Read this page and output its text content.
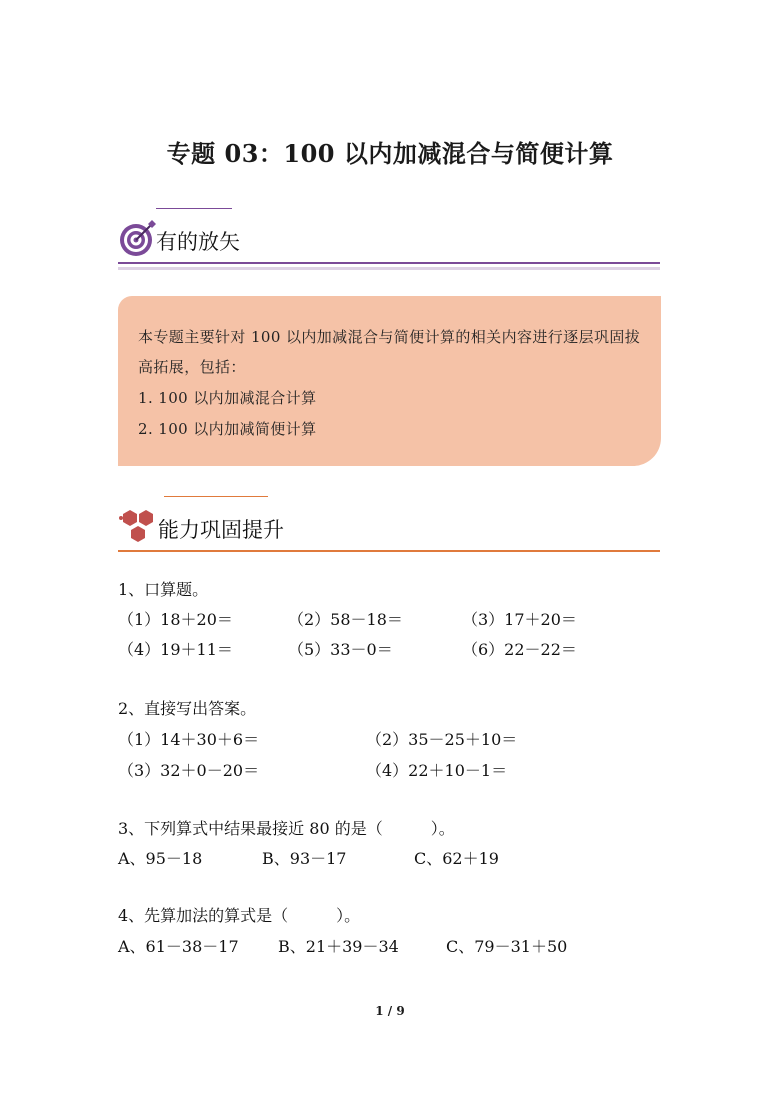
专题 03：100 以内加减混合与简便计算
有的放矢

本专题主要针对 100 以内加减混合与简便计算的相关内容进行逐层巩固拔

高拓展，包括：

1. 100 以内加减混合计算

2. 100 以内加减简便计算

能力巩固提升
1、口算题。
（1）18＋20＝	（2）58－18＝	（3）17＋20＝
（4）19＋11＝	（5）33－0＝	（6）22－22＝
2、直接写出答案。
（1）14＋30＋6＝	（2）35－25＋10＝
（3）32＋0－20＝	（4）22＋10－1＝
3、下列算式中结果最接近 80 的是（　　　）。
A、95－18	B、93－17	C、62＋19
4、先算加法的算式是（　　　）。
A、61－38－17 B、21＋39－34	C、79－31＋50
1 / 9
